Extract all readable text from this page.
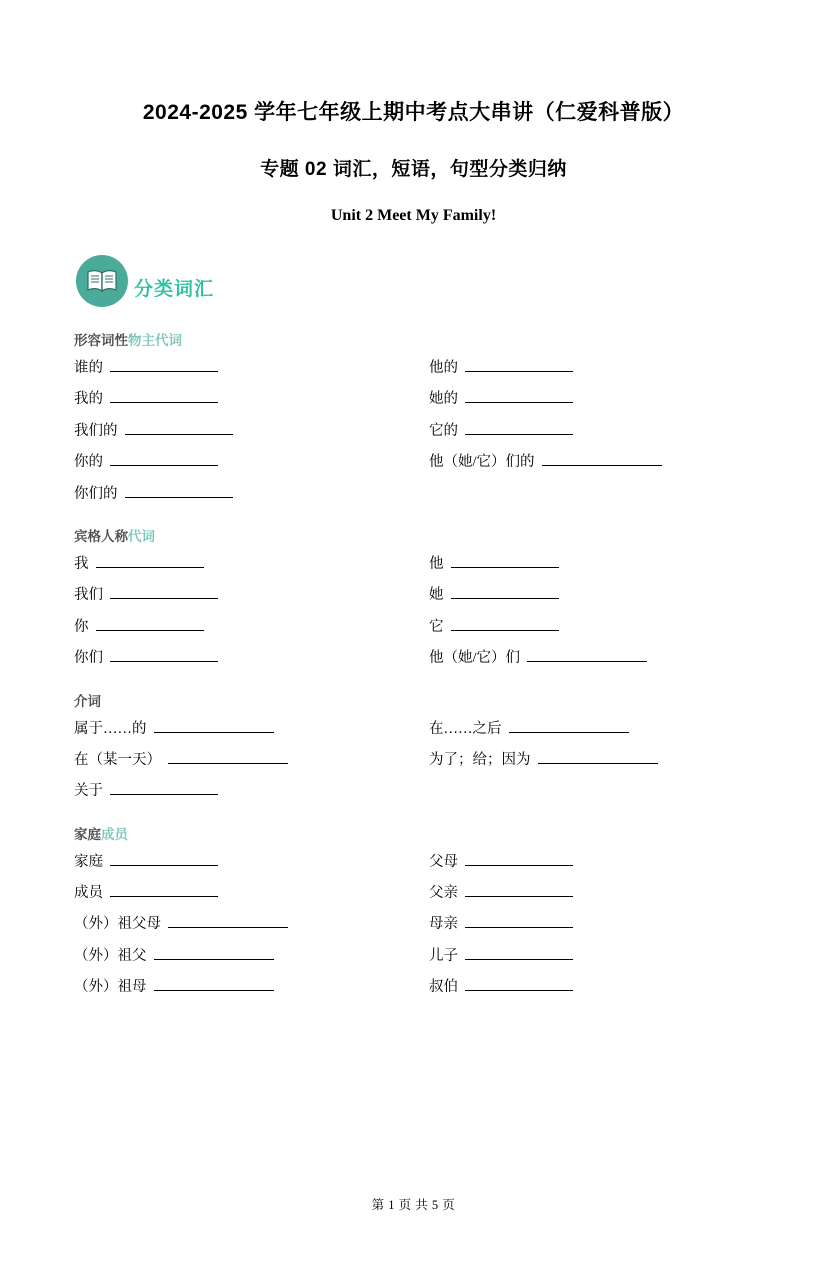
2024-2025 学年七年级上期中考点大串讲（仁爱科普版）
专题 02 词汇，短语，句型分类归纳
Unit 2 Meet My Family!
分类词汇
形容词性物主代词
谁的	他的
我的	她的
我们的	它的
你的	他（她/它）们的
你们的
宾格人称代词
我	他
我们	她
你	它
你们	他（她/它）们
介词
属于……的	在……之后
在（某一天）	为了；给；因为
关于
家庭成员
家庭	父母
成员	父亲
（外）祖父母	母亲
（外）祖父	儿子
（外）祖母	叔伯
第 1 页 共 5 页
